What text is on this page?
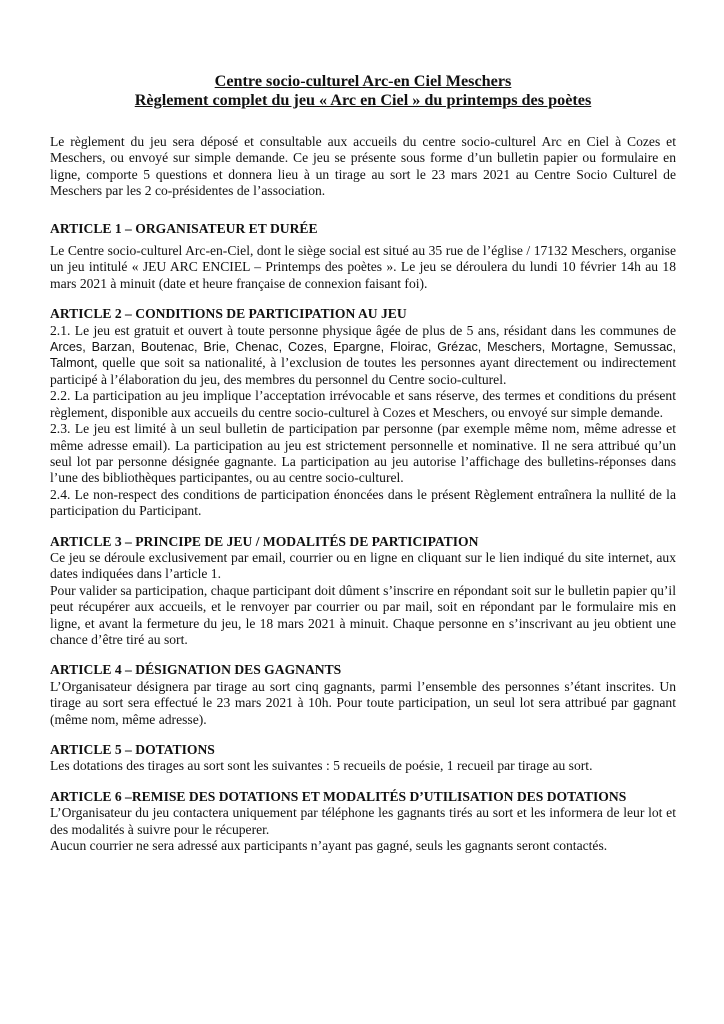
Centre socio-culturel Arc-en Ciel Meschers
Règlement complet du jeu « Arc en Ciel » du printemps des poètes

Le règlement du jeu sera déposé et consultable aux accueils du centre socio-culturel Arc en Ciel à Cozes et Meschers, ou envoyé sur simple demande. Ce jeu se présente sous forme d’un bulletin papier ou formulaire en ligne, comporte 5 questions et donnera lieu à un tirage au sort le 23 mars 2021 au Centre Socio Culturel de Meschers par les 2 co-présidentes de l’association.

ARTICLE 1 – ORGANISATEUR ET DURÉE

Le Centre socio-culturel Arc-en-Ciel, dont le siège social est situé au 35 rue de l’église / 17132 Meschers, organise un jeu intitulé « JEU ARC ENCIEL – Printemps des poètes ». Le jeu se déroulera du lundi 10 février 14h au 18 mars 2021 à minuit (date et heure française de connexion faisant foi).

ARTICLE 2 – CONDITIONS DE PARTICIPATION AU JEU

2.1. Le jeu est gratuit et ouvert à toute personne physique âgée de plus de 5 ans, résidant dans les communes de Arces, Barzan, Boutenac, Brie, Chenac, Cozes, Epargne, Floirac, Grézac, Meschers, Mortagne, Semussac, Talmont, quelle que soit sa nationalité, à l’exclusion de toutes les personnes ayant directement ou indirectement participé à l’élaboration du jeu, des membres du personnel du Centre socio-culturel.

2.2. La participation au jeu implique l’acceptation irrévocable et sans réserve, des termes et conditions du présent règlement, disponible aux accueils du centre socio-culturel à Cozes et Meschers, ou envoyé sur simple demande.

2.3. Le jeu est limité à un seul bulletin de participation par personne (par exemple même nom, même adresse et même adresse email). La participation au jeu est strictement personnelle et nominative. Il ne sera attribué qu’un seul lot par personne désignée gagnante. La participation au jeu autorise l’affichage des bulletins-réponses dans l’une des bibliothèques participantes, ou au centre socio-culturel.

2.4. Le non-respect des conditions de participation énoncées dans le présent Règlement entraînera la nullité de la participation du Participant.

ARTICLE 3 – PRINCIPE DE JEU / MODALITÉS DE PARTICIPATION

Ce jeu se déroule exclusivement par email, courrier ou en ligne en cliquant sur le lien indiqué du site internet, aux dates indiquées dans l’article 1.

Pour valider sa participation, chaque participant doit dûment s’inscrire en répondant soit sur le bulletin papier qu’il peut récupérer aux accueils, et le renvoyer par courrier ou par mail, soit en répondant par le formulaire mis en ligne, et avant la fermeture du jeu, le 18 mars 2021 à minuit. Chaque personne en s’inscrivant au jeu obtient une chance d’être tiré au sort.

ARTICLE 4 – DÉSIGNATION DES GAGNANTS

L’Organisateur désignera par tirage au sort cinq gagnants, parmi l’ensemble des personnes s’étant inscrites. Un tirage au sort sera effectué le 23 mars 2021 à 10h. Pour toute participation, un seul lot sera attribué par gagnant (même nom, même adresse).

ARTICLE 5 – DOTATIONS

Les dotations des tirages au sort sont les suivantes : 5 recueils de poésie, 1 recueil par tirage au sort.

ARTICLE 6 –REMISE DES DOTATIONS ET MODALITÉS D’UTILISATION DES DOTATIONS

L’Organisateur du jeu contactera uniquement par téléphone les gagnants tirés au sort et les informera de leur lot et des modalités à suivre pour le récuperer.

Aucun courrier ne sera adressé aux participants n’ayant pas gagné, seuls les gagnants seront contactés.
